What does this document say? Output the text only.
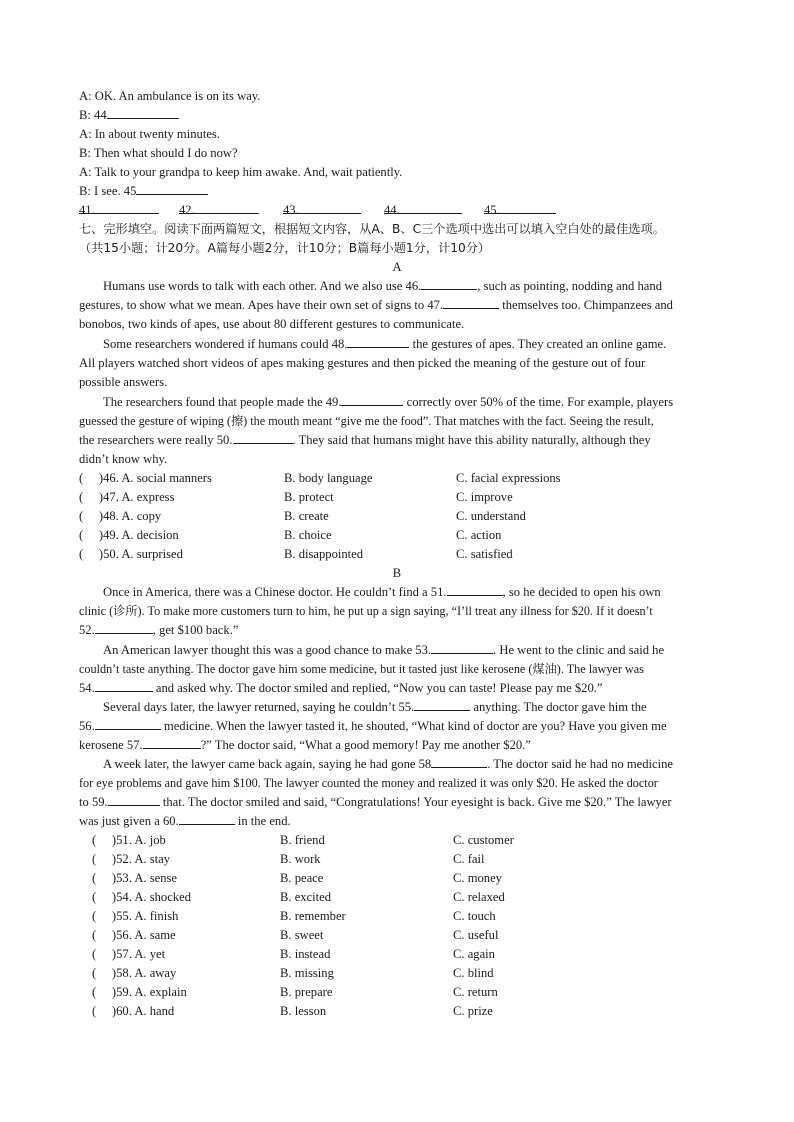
A: OK. An ambulance is on its way.
B: 44
A: In about twenty minutes.
B: Then what should I do now?
A: Talk to your grandpa to keep him awake. And, wait patiently.
B: I see. 45
41.	42.	43.	44.	45.
七、完形填空。阅读下面两篇短文，根据短文内容，从A、B、C三个选项中选出可以填入空白处的最佳选项。
（共15小题；计20分。A篇每小题2分，计10分；B篇每小题1分，计10分）
A
Humans use words to talk with each other. And we also use 46.	, such as pointing, nodding and hand
gestures, to show what we mean. Apes have their own set of signs to 47.	themselves too. Chimpanzees and
bonobos, two kinds of apes, use about 80 different gestures to communicate.
Some researchers wondered if humans could 48.	the gestures of apes. They created an online game.
All players watched short videos of apes making gestures and then picked the meaning of the gesture out of four
possible answers.
The researchers found that people made the 49.	correctly over 50% of the time. For example, players
guessed the gesture of wiping (擦) the mouth meant “give me the food”. That matches with the fact. Seeing the result,
the researchers were really 50.	. They said that humans might have this ability naturally, although they
didn’t know why.
(　 )46. A. social manners	B. body language	C. facial expressions
(　 )47. A. express	B. protect	C. improve
(　 )48. A. copy	B. create	C. understand
(　 )49. A. decision	B. choice	C. action
(　 )50. A. surprised	B. disappointed	C. satisfied
B
Once in America, there was a Chinese doctor. He couldn’t find a 51.	, so he decided to open his own
clinic (诊所). To make more customers turn to him, he put up a sign saying, “I’ll treat any illness for $20. If it doesn’t
52.	, get $100 back.”
An American lawyer thought this was a good chance to make 53.	. He went to the clinic and said he
couldn’t taste anything. The doctor gave him some medicine, but it tasted just like kerosene (煤油). The lawyer was
54.	and asked why. The doctor smiled and replied, “Now you can taste! Please pay me $20.”
Several days later, the lawyer returned, saying he couldn’t 55.	anything. The doctor gave him the
56.	medicine. When the lawyer tasted it, he shouted, “What kind of doctor are you? Have you given me
kerosene 57.	?” The doctor said, “What a good memory! Pay me another $20.”
A week later, the lawyer came back again, saying he had gone 58	. The doctor said he had no medicine
for eye problems and gave him $100. The lawyer counted the money and realized it was only $20. He asked the doctor
to 59.	that. The doctor smiled and said, “Congratulations! Your eyesight is back. Give me $20.” The lawyer
was just given a 60.	in the end.
(　 )51. A. job	B. friend	C. customer
(　 )52. A. stay	B. work	C. fail
(　 )53. A. sense	B. peace	C. money
(　 )54. A. shocked	B. excited	C. relaxed
(　 )55. A. finish	B. remember	C. touch
(　 )56. A. same	B. sweet	C. useful
(　 )57. A. yet	B. instead	C. again
(　 )58. A. away	B. missing	C. blind
(　 )59. A. explain	B. prepare	C. return
(　 )60. A. hand	B. lesson	C. prize
